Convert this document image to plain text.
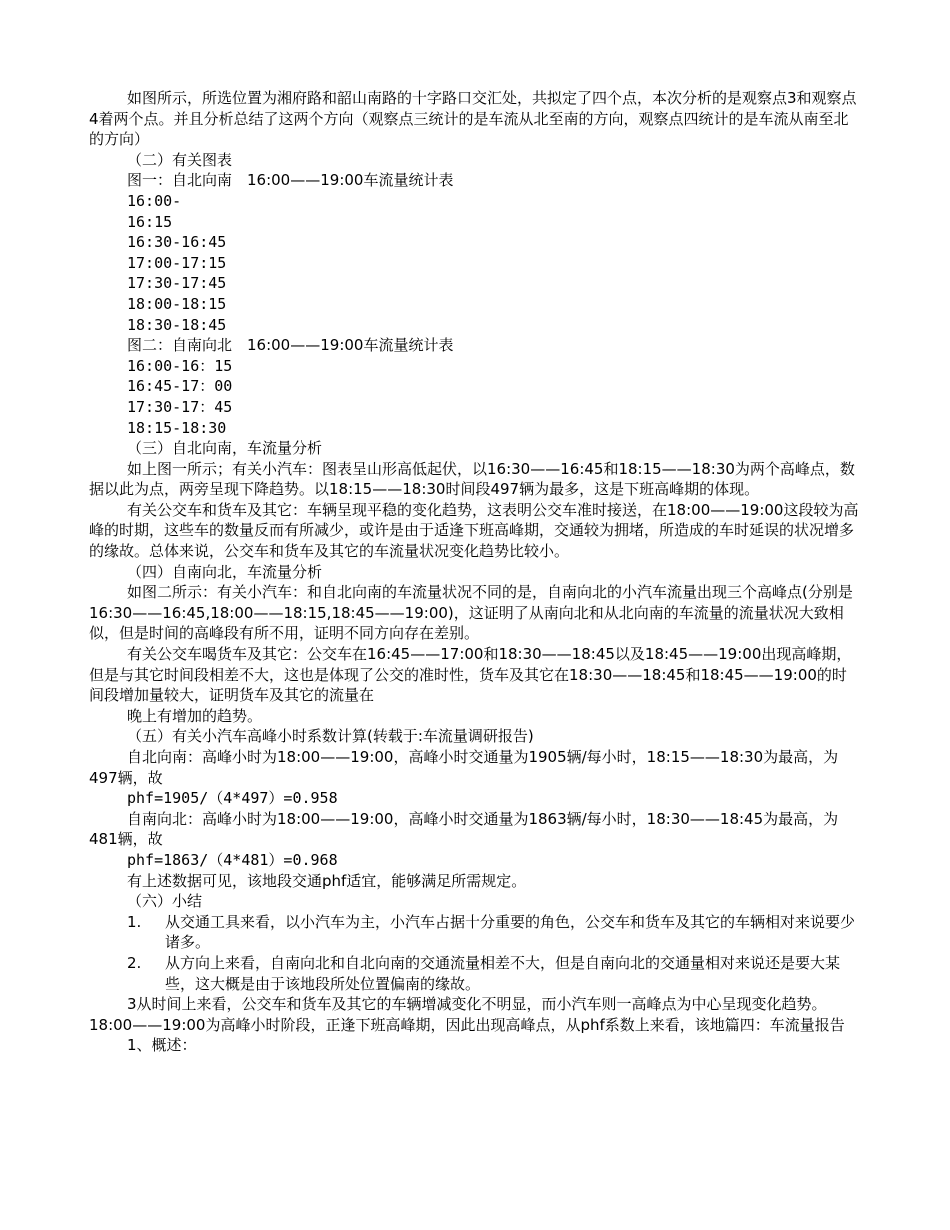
如图所示，所选位置为湘府路和韶山南路的十字路口交汇处，共拟定了四个点，本次分析的是观察点3和观察点4着两个点。并且分析总结了这两个方向（观察点三统计的是车流从北至南的方向，观察点四统计的是车流从南至北的方向）

（二）有关图表

图一：自北向南　16:00——19:00车流量统计表

16:00-

16:15

16:30-16:45

17:00-17:15

17:30-17:45

18:00-18:15

18:30-18:45

图二：自南向北　16:00——19:00车流量统计表

16:00-16：15

16:45-17：00

17:30-17：45

18:15-18:30

（三）自北向南，车流量分析

如上图一所示；有关小汽车：图表呈山形高低起伏，以16:30——16:45和18:15——18:30为两个高峰点，数据以此为点，两旁呈现下降趋势。以18:15——18:30时间段497辆为最多，这是下班高峰期的体现。

有关公交车和货车及其它：车辆呈现平稳的变化趋势，这表明公交车准时接送，在18:00——19:00这段较为高峰的时期，这些车的数量反而有所减少，或许是由于适逢下班高峰期，交通较为拥堵，所造成的车时延误的状况增多的缘故。总体来说，公交车和货车及其它的车流量状况变化趋势比较小。

（四）自南向北，车流量分析

如图二所示：有关小汽车：和自北向南的车流量状况不同的是，自南向北的小汽车流量出现三个高峰点(分别是16:30——16:45,18:00——18:15,18:45——19:00)，这证明了从南向北和从北向南的车流量的流量状况大致相似，但是时间的高峰段有所不用，证明不同方向存在差别。

有关公交车喝货车及其它：公交车在16:45——17:00和18:30——18:45以及18:45——19:00出现高峰期，但是与其它时间段相差不大，这也是体现了公交的准时性，货车及其它在18:30——18:45和18:45——19:00的时间段增加量较大，证明货车及其它的流量在

晚上有增加的趋势。

（五）有关小汽车高峰小时系数计算(转载于:车流量调研报告)

自北向南：高峰小时为18:00——19:00，高峰小时交通量为1905辆/每小时，18:15——18:30为最高，为497辆，故

phf=1905/（4*497）=0.958

自南向北：高峰小时为18:00——19:00，高峰小时交通量为1863辆/每小时，18:30——18:45为最高，为481辆，故

phf=1863/（4*481）=0.968

有上述数据可见，该地段交通phf适宜，能够满足所需规定。

（六）小结

1.	从交通工具来看，以小汽车为主，小汽车占据十分重要的角色，公交车和货车及其它的车辆相对来说要少诸多。

2.	从方向上来看，自南向北和自北向南的交通流量相差不大，但是自南向北的交通量相对来说还是要大某些，这大概是由于该地段所处位置偏南的缘故。

3从时间上来看，公交车和货车及其它的车辆增减变化不明显，而小汽车则一高峰点为中心呈现变化趋势。18:00——19:00为高峰小时阶段，正逢下班高峰期，因此出现高峰点，从phf系数上来看，该地篇四：车流量报告

1、概述：
